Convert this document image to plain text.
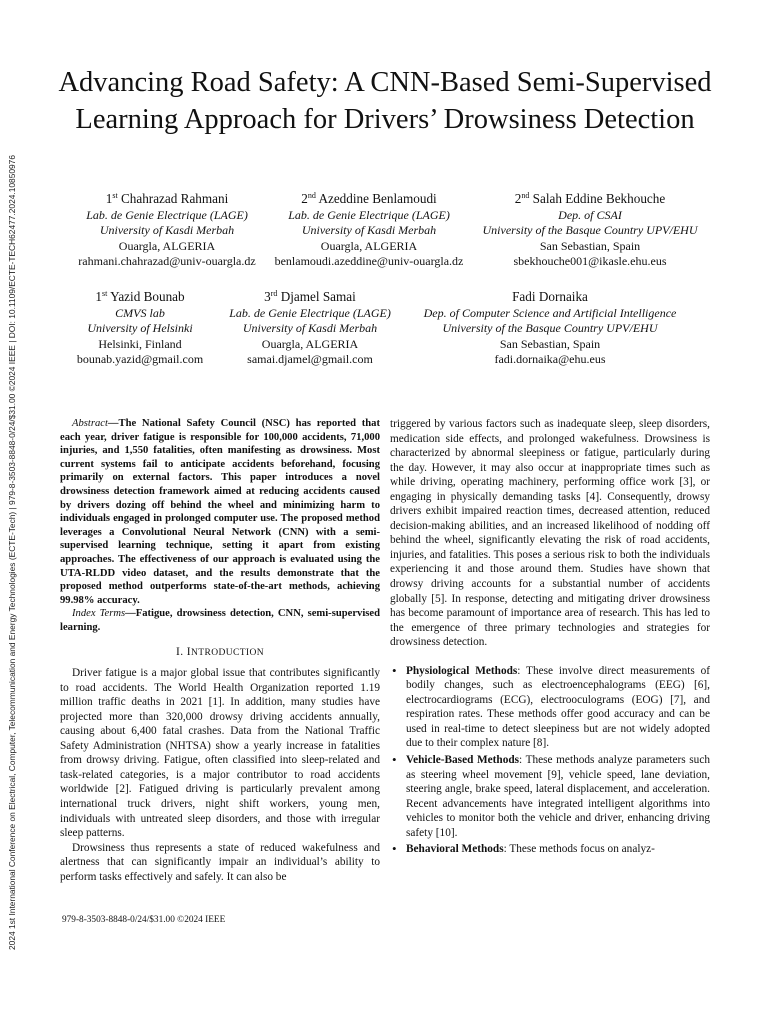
2024 1st International Conference on Electrical, Computer, Telecommunication and Energy Technologies (ECTE-Tech) | 979-8-3503-8848-0/24/$31.00 ©2024 IEEE | DOI: 10.1109/ECTE-TECH62477.2024.10850976
Advancing Road Safety: A CNN-Based Semi-Supervised Learning Approach for Drivers’ Drowsiness Detection
1st Chahrazad Rahmani
Lab. de Genie Electrique (LAGE)
University of Kasdi Merbah
Ouargla, ALGERIA
rahmani.chahrazad@univ-ouargla.dz
2nd Azeddine Benlamoudi
Lab. de Genie Electrique (LAGE)
University of Kasdi Merbah
Ouargla, ALGERIA
benlamoudi.azeddine@univ-ouargla.dz
2nd Salah Eddine Bekhouche
Dep. of CSAI
University of the Basque Country UPV/EHU
San Sebastian, Spain
sbekhouche001@ikasle.ehu.eus
1st Yazid Bounab
CMVS lab
University of Helsinki
Helsinki, Finland
bounab.yazid@gmail.com
3rd Djamel Samai
Lab. de Genie Electrique (LAGE)
University of Kasdi Merbah
Ouargla, ALGERIA
samai.djamel@gmail.com
Fadi Dornaika
Dep. of Computer Science and Artificial Intelligence
University of the Basque Country UPV/EHU
San Sebastian, Spain
fadi.dornaika@ehu.eus

Abstract—The National Safety Council (NSC) has reported that each year, driver fatigue is responsible for 100,000 accidents, 71,000 injuries, and 1,550 fatalities, often manifesting as drowsiness. Most current systems fail to anticipate accidents beforehand, focusing primarily on external factors. This paper introduces a novel drowsiness detection framework aimed at reducing accidents caused by drivers dozing off behind the wheel and minimizing harm to individuals engaged in prolonged computer use. The proposed method leverages a Convolutional Neural Network (CNN) with a semi-supervised learning technique, setting it apart from existing approaches. The effectiveness of our approach is evaluated using the UTA-RLDD video dataset, and the results demonstrate that the proposed method outperforms state-of-the-art methods, achieving 99.98% accuracy.

Index Terms—Fatigue, drowsiness detection, CNN, semi-supervised learning.

I. INTRODUCTION

Driver fatigue is a major global issue that contributes significantly to road accidents. The World Health Organization reported 1.19 million traffic deaths in 2021 [1]. In addition, many studies have projected more than 320,000 drowsy driving accidents annually, causing about 6,400 fatal crashes. Data from the National Traffic Safety Administration (NHTSA) show a yearly increase in fatalities from drowsy driving. Fatigue, often classified into sleep-related and task-related categories, is a major contributor to road accidents worldwide [2]. Fatigued driving is particularly prevalent among international truck drivers, night shift workers, young men, individuals with untreated sleep disorders, and those with irregular sleep patterns.

Drowsiness thus represents a state of reduced wakefulness and alertness that can significantly impair an individual’s ability to perform tasks effectively and safely. It can also be

triggered by various factors such as inadequate sleep, sleep disorders, medication side effects, and prolonged wakefulness. Drowsiness is characterized by abnormal sleepiness or fatigue, particularly during the day. However, it may also occur at inappropriate times such as while driving, operating machinery, performing office work [3], or engaging in physically demanding tasks [4]. Consequently, drowsy drivers exhibit impaired reaction times, decreased attention, reduced decision-making abilities, and an increased likelihood of nodding off behind the wheel, significantly elevating the risk of road accidents, injuries, and fatalities. This poses a serious risk to both the individuals experiencing it and those around them. Studies have shown that drowsy driving accounts for a substantial number of accidents globally [5]. In response, detecting and mitigating driver drowsiness has become paramount of importance area of research. This has led to the emergence of three primary technologies and strategies for drowsiness detection.

• Physiological Methods: These involve direct measurements of bodily changes, such as electroencephalograms (EEG) [6], electrocardiograms (ECG), electrooculograms (EOG) [7], and respiration rates. These methods offer good accuracy and can be used in real-time to detect sleepiness but are not widely adopted due to their complex nature [8].
• Vehicle-Based Methods: These methods analyze parameters such as steering wheel movement [9], vehicle speed, lane deviation, steering angle, brake speed, lateral displacement, and acceleration. Recent advancements have integrated intelligent algorithms into vehicles to monitor both the vehicle and driver, enhancing driving safety [10].
• Behavioral Methods: These methods focus on analyz-
979-8-3503-8848-0/24/$31.00 ©2024 IEEE
